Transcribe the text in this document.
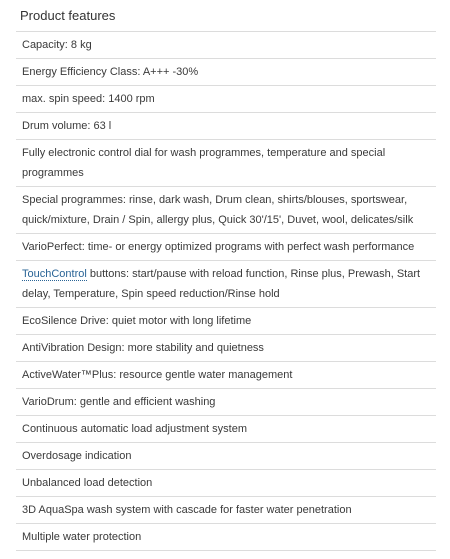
Product features
Capacity: 8 kg
Energy Efficiency Class: A+++ -30%
max. spin speed: 1400 rpm
Drum volume: 63 l
Fully electronic control dial for wash programmes, temperature and special programmes
Special programmes: rinse, dark wash, Drum clean, shirts/blouses, sportswear, quick/mixture, Drain / Spin, allergy plus, Quick 30'/15', Duvet, wool, delicates/silk
VarioPerfect: time- or energy optimized programs with perfect wash performance
TouchControl buttons: start/pause with reload function, Rinse plus, Prewash, Start delay, Temperature, Spin speed reduction/Rinse hold
EcoSilence Drive: quiet motor with long lifetime
AntiVibration Design: more stability and quietness
ActiveWater™Plus: resource gentle water management
VarioDrum: gentle and efficient washing
Continuous automatic load adjustment system
Overdosage indication
Unbalanced load detection
3D AquaSpa wash system with cascade for faster water penetration
Multiple water protection
